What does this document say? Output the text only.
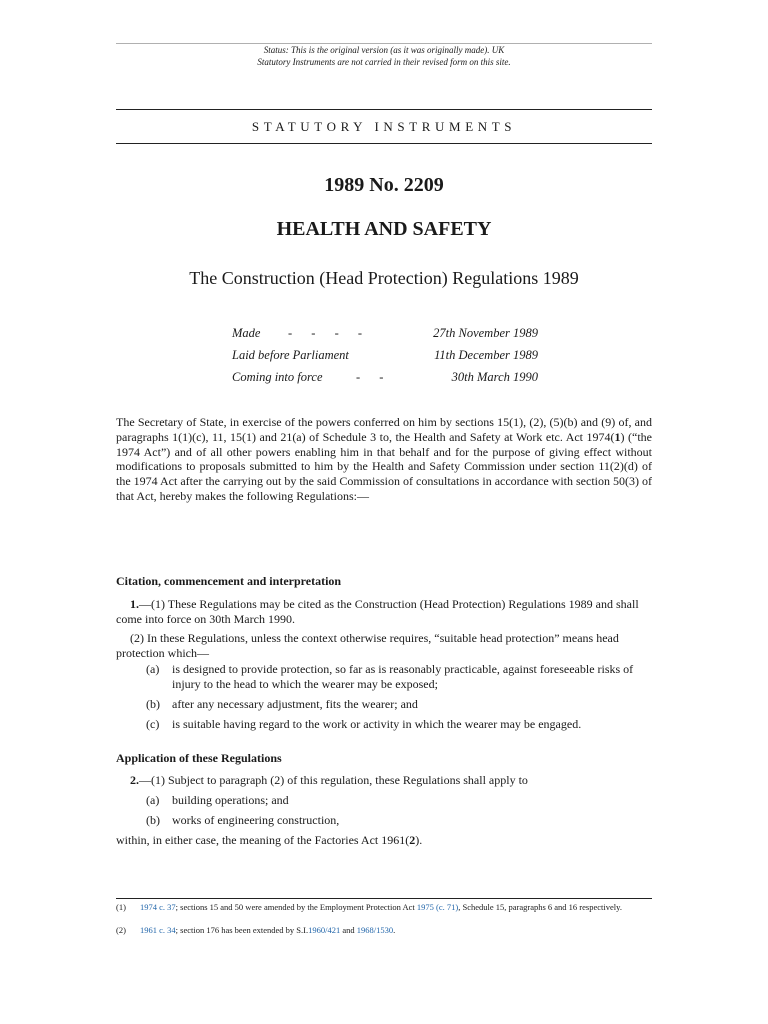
Status: This is the original version (as it was originally made). UK
Statutory Instruments are not carried in their revised form on this site.
STATUTORY INSTRUMENTS
1989 No. 2209
HEALTH AND SAFETY
The Construction (Head Protection) Regulations 1989
Made - - - -	27th November 1989
Laid before Parliament	11th December 1989
Coming into force	- -	30th March 1990
The Secretary of State, in exercise of the powers conferred on him by sections 15(1), (2), (5)(b) and (9) of, and paragraphs 1(1)(c), 11, 15(1) and 21(a) of Schedule 3 to, the Health and Safety at Work etc. Act 1974(1) (“the 1974 Act”) and of all other powers enabling him in that behalf and for the purpose of giving effect without modifications to proposals submitted to him by the Health and Safety Commission under section 11(2)(d) of the 1974 Act after the carrying out by the said Commission of consultations in accordance with section 50(3) of that Act, hereby makes the following Regulations:—
Citation, commencement and interpretation
1.—(1) These Regulations may be cited as the Construction (Head Protection) Regulations 1989 and shall come into force on 30th March 1990.
(2) In these Regulations, unless the context otherwise requires, “suitable head protection” means head protection which—
(a) is designed to provide protection, so far as is reasonably practicable, against foreseeable risks of injury to the head to which the wearer may be exposed;
(b) after any necessary adjustment, fits the wearer; and
(c) is suitable having regard to the work or activity in which the wearer may be engaged.
Application of these Regulations
2.—(1) Subject to paragraph (2) of this regulation, these Regulations shall apply to
(a) building operations; and
(b) works of engineering construction,
within, in either case, the meaning of the Factories Act 1961(2).
(1) 1974 c. 37; sections 15 and 50 were amended by the Employment Protection Act 1975 (c. 71), Schedule 15, paragraphs 6 and 16 respectively.
(2) 1961 c. 34; section 176 has been extended by S.I.1960/421 and 1968/1530.
